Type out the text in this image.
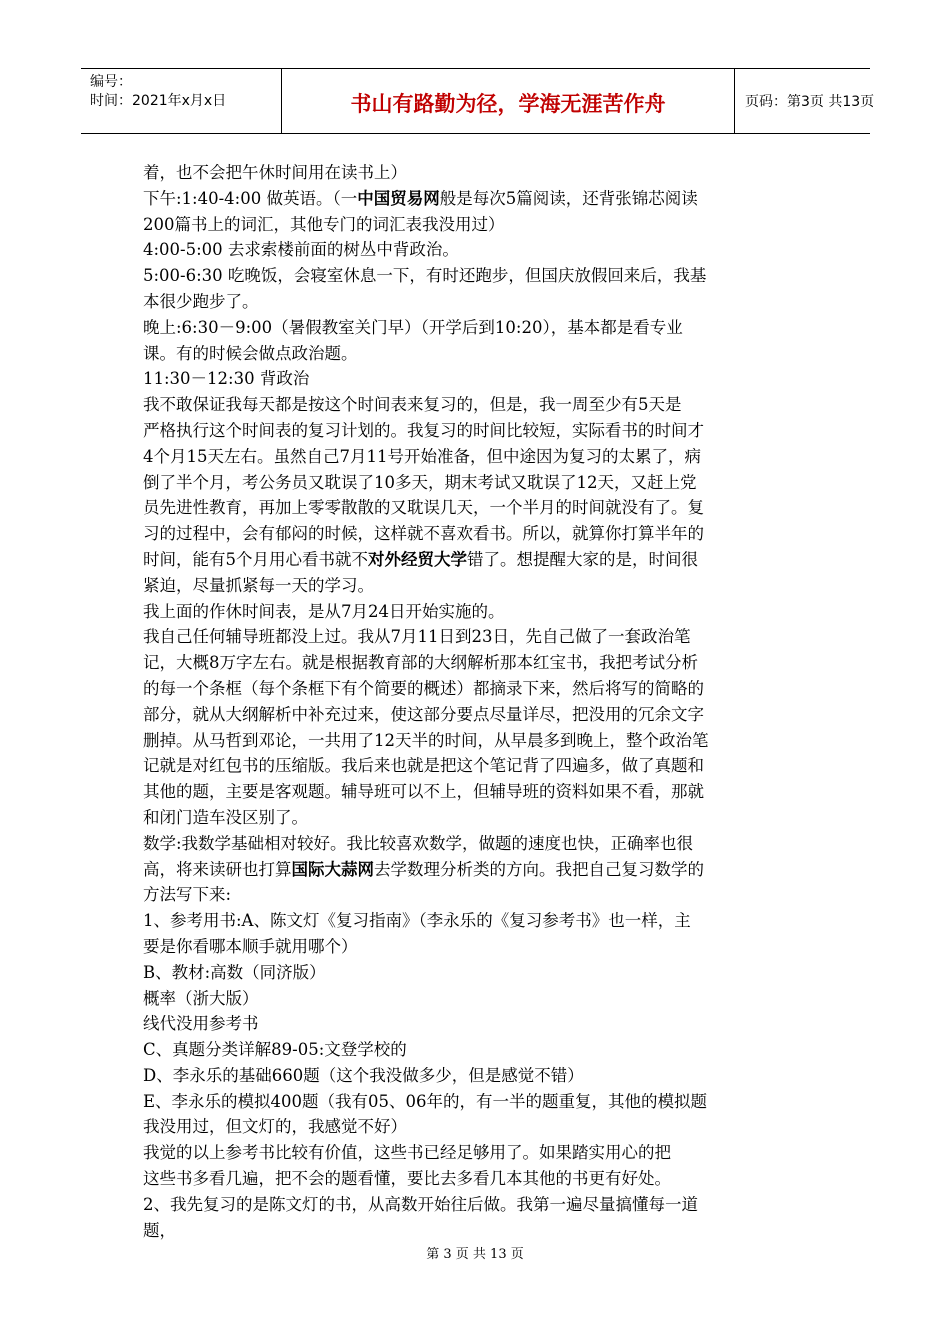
编号：
时间：2021年x月x日	书山有路勤为径，学海无涯苦作舟	页码：第3页 共13页
着，也不会把午休时间用在读书上）
下午:1:40-4:00 做英语。（一中国贸易网般是每次5篇阅读，还背张锦芯阅读
200篇书上的词汇，其他专门的词汇表我没用过）
4:00-5:00 去求索楼前面的树丛中背政治。
5:00-6:30 吃晚饭，会寝室休息一下，有时还跑步，但国庆放假回来后，我基
本很少跑步了。
晚上:6:30－9:00（暑假教室关门早）（开学后到10:20），基本都是看专业
课。有的时候会做点政治题。
11:30－12:30 背政治
我不敢保证我每天都是按这个时间表来复习的，但是，我一周至少有5天是
严格执行这个时间表的复习计划的。我复习的时间比较短，实际看书的时间才
4个月15天左右。虽然自己7月11号开始准备，但中途因为复习的太累了，病
倒了半个月，考公务员又耽误了10多天，期末考试又耽误了12天，又赶上党
员先进性教育，再加上零零散散的又耽误几天，一个半月的时间就没有了。复
习的过程中，会有郁闷的时候，这样就不喜欢看书。所以，就算你打算半年的
时间，能有5个月用心看书就不对外经贸大学错了。想提醒大家的是，时间很
紧迫，尽量抓紧每一天的学习。
我上面的作休时间表，是从7月24日开始实施的。
我自己任何辅导班都没上过。我从7月11日到23日，先自己做了一套政治笔
记，大概8万字左右。就是根据教育部的大纲解析那本红宝书，我把考试分析
的每一个条框（每个条框下有个简要的概述）都摘录下来，然后将写的简略的
部分，就从大纲解析中补充过来，使这部分要点尽量详尽，把没用的冗余文字
删掉。从马哲到邓论，一共用了12天半的时间，从早晨多到晚上，整个政治笔
记就是对红包书的压缩版。我后来也就是把这个笔记背了四遍多，做了真题和
其他的题，主要是客观题。辅导班可以不上，但辅导班的资料如果不看，那就
和闭门造车没区别了。
数学:我数学基础相对较好。我比较喜欢数学，做题的速度也快，正确率也很
高，将来读研也打算国际大蒜网去学数理分析类的方向。我把自己复习数学的
方法写下来:
1、参考用书:A、陈文灯《复习指南》（李永乐的《复习参考书》也一样，主
要是你看哪本顺手就用哪个）
B、教材:高数（同济版）
概率（浙大版）
线代没用参考书
C、真题分类详解89-05:文登学校的
D、李永乐的基础660题（这个我没做多少，但是感觉不错）
E、李永乐的模拟400题（我有05、06年的，有一半的题重复，其他的模拟题
我没用过，但文灯的，我感觉不好）
我觉的以上参考书比较有价值，这些书已经足够用了。如果踏实用心的把
这些书多看几遍，把不会的题看懂，要比去多看几本其他的书更有好处。
2、我先复习的是陈文灯的书，从高数开始往后做。我第一遍尽量搞懂每一道
题，
第 3 页 共 13 页
